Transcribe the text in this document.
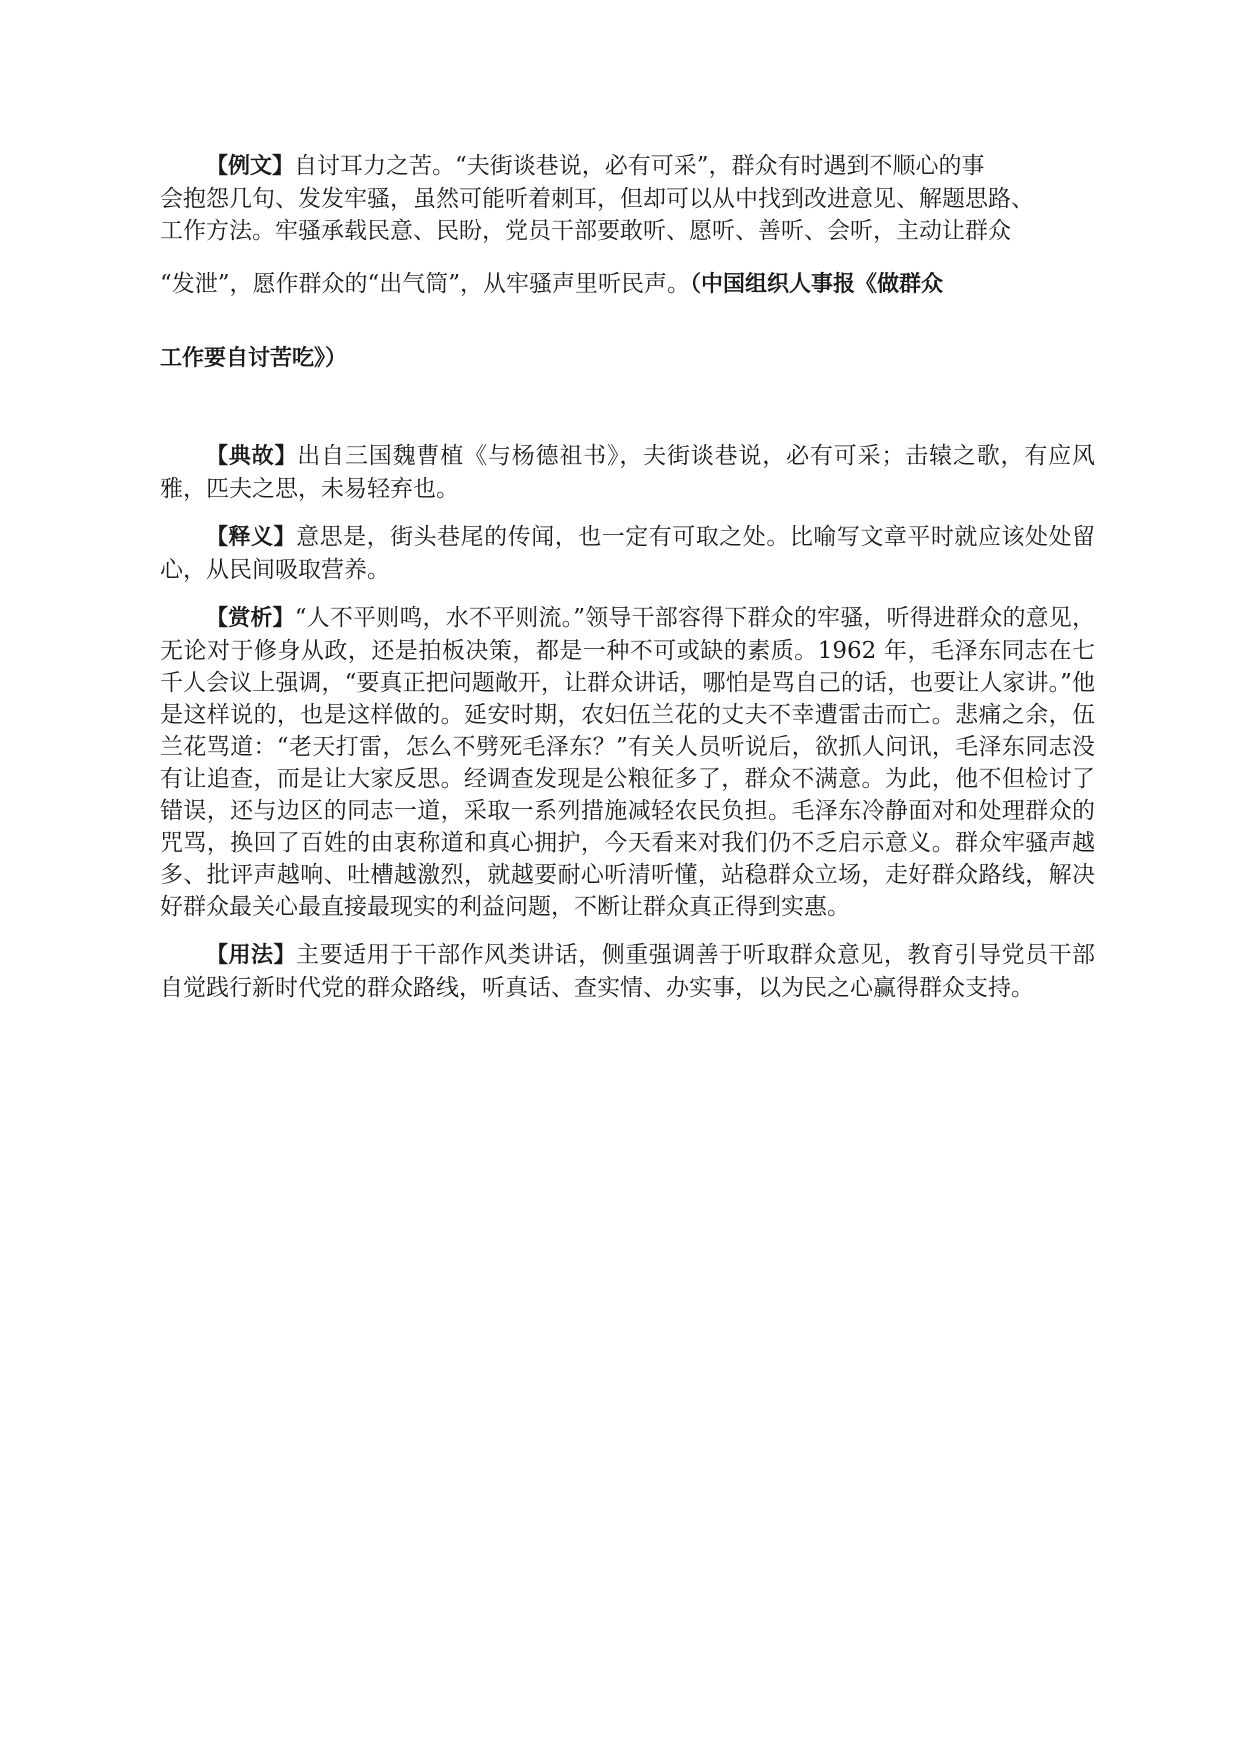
【例文】自讨耳力之苦。“夫街谈巷说，必有可采”，群众有时遇到不顺心的事
会抱怨几句、发发牢骚，虽然可能听着刺耳，但却可以从中找到改进意见、解题思路、
工作方法。牢骚承载民意、民盼，党员干部要敢听、愿听、善听、会听，主动让群众
“发泄”，愿作群众的“出气筒”，从牢骚声里听民声。（中国组织人事报《做群众
工作要自讨苦吃》）

【典故】出自三国魏曹植《与杨德祖书》，夫街谈巷说，必有可采；击辕之歌，有应风雅，匹夫之思，未易轻弃也。

【释义】意思是，街头巷尾的传闻，也一定有可取之处。比喻写文章平时就应该处处留心，从民间吸取营养。

【赏析】“人不平则鸣，水不平则流。”领导干部容得下群众的牢骚，听得进群众的意见，无论对于修身从政，还是拍板决策，都是一种不可或缺的素质。1962 年，毛泽东同志在七千人会议上强调，“要真正把问题敞开，让群众讲话，哪怕是骂自己的话，也要让人家讲。”他是这样说的，也是这样做的。延安时期，农妇伍兰花的丈夫不幸遭雷击而亡。悲痛之余，伍兰花骂道：“老天打雷，怎么不劈死毛泽东？”有关人员听说后，欲抓人问讯，毛泽东同志没有让追查，而是让大家反思。经调查发现是公粮征多了，群众不满意。为此，他不但检讨了错误，还与边区的同志一道，采取一系列措施减轻农民负担。毛泽东冷静面对和处理群众的咒骂，换回了百姓的由衷称道和真心拥护，今天看来对我们仍不乏启示意义。群众牢骚声越多、批评声越响、吐槽越激烈，就越要耐心听清听懂，站稳群众立场，走好群众路线，解决好群众最关心最直接最现实的利益问题，不断让群众真正得到实惠。

【用法】主要适用于干部作风类讲话，侧重强调善于听取群众意见，教育引导党员干部自觉践行新时代党的群众路线，听真话、查实情、办实事，以为民之心赢得群众支持。
